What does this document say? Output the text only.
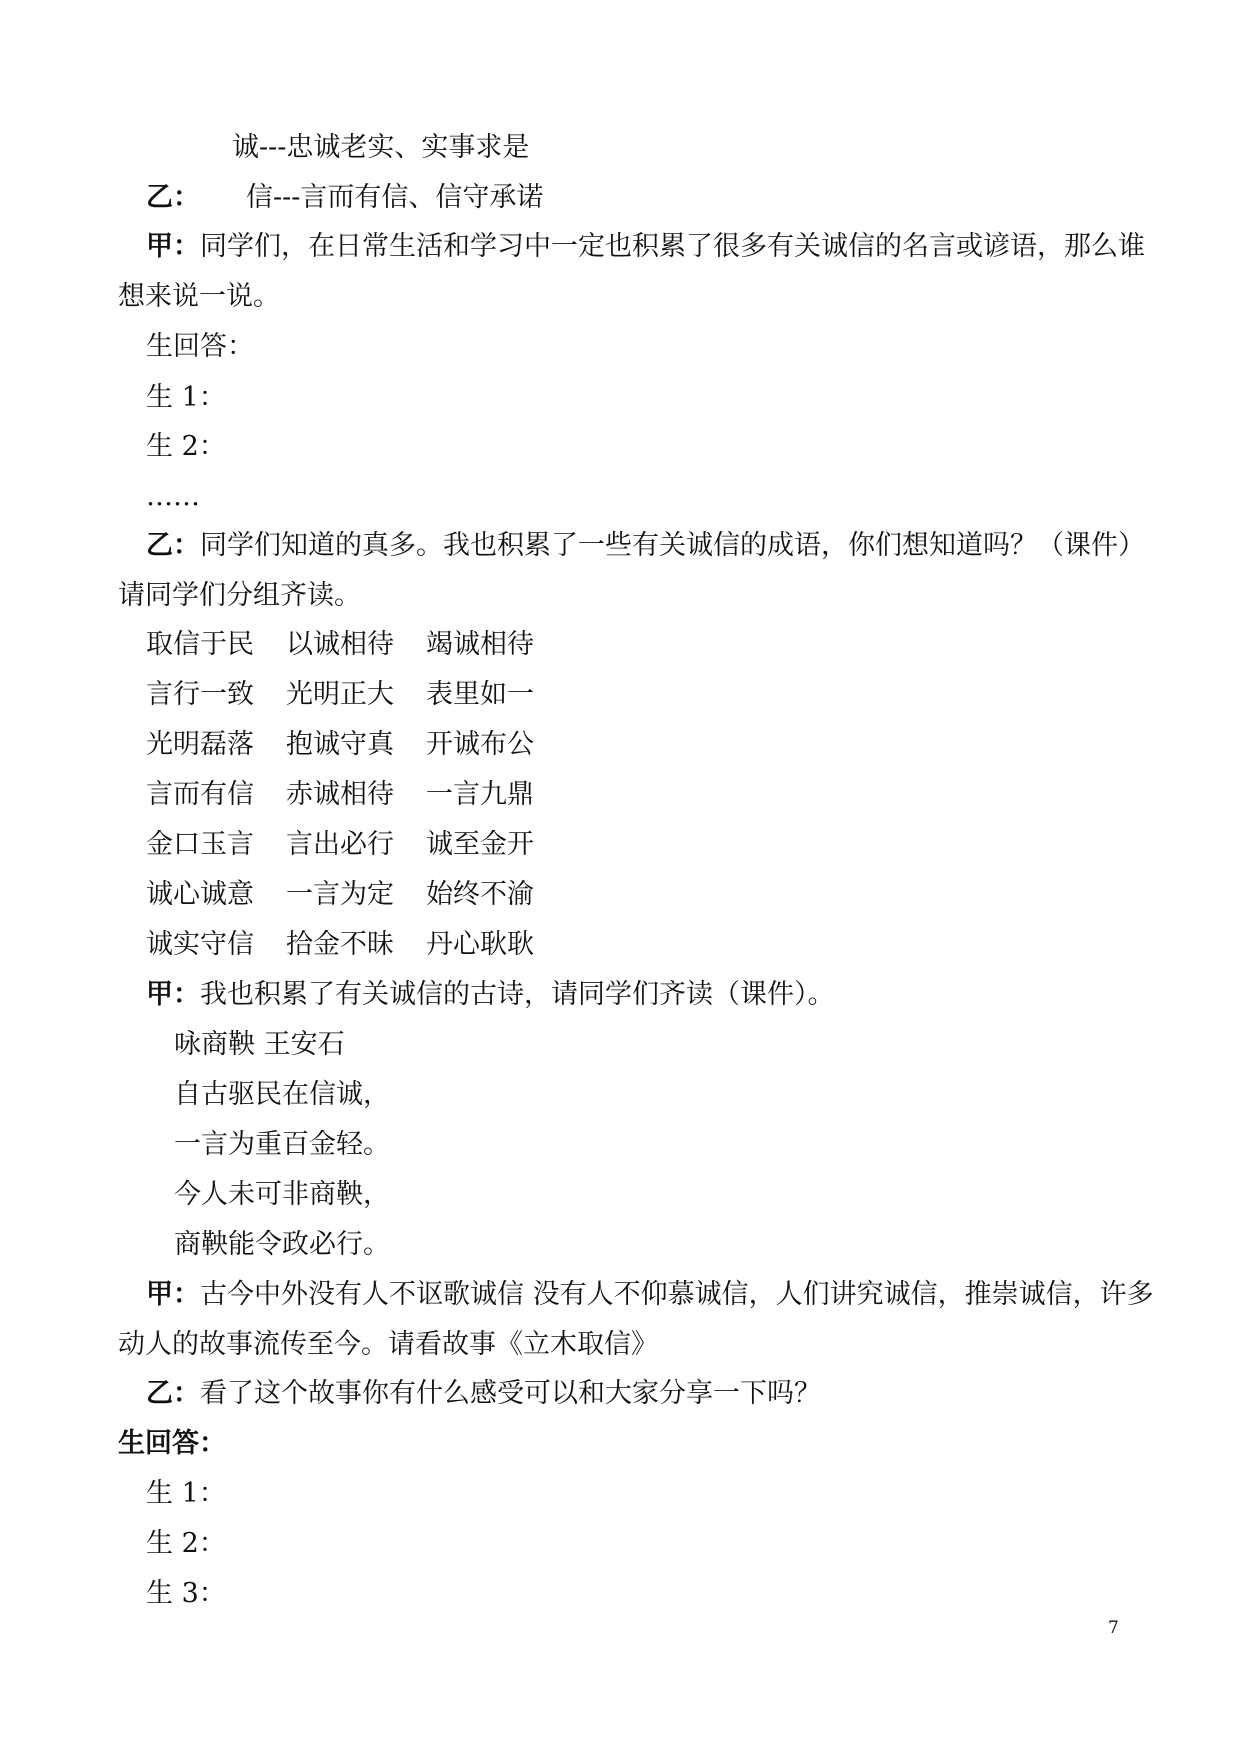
诚---忠诚老实、实事求是
乙： 信---言而有信、信守承诺
甲：同学们，在日常生活和学习中一定也积累了很多有关诚信的名言或谚语，那么谁想来说一说。
生回答：
生 1：
生 2：
……
乙：同学们知道的真多。我也积累了一些有关诚信的成语，你们想知道吗？（课件）请同学们分组齐读。
取信于民 以诚相待 竭诚相待
言行一致 光明正大 表里如一
光明磊落 抱诚守真 开诚布公
言而有信 赤诚相待 一言九鼎
金口玉言 言出必行 诚至金开
诚心诚意 一言为定 始终不渝
诚实守信 拾金不昧 丹心耿耿
甲：我也积累了有关诚信的古诗，请同学们齐读（课件）。
咏商鞅 王安石
自古驱民在信诚，
一言为重百金轻。
今人未可非商鞅，
商鞅能令政必行。
甲：古今中外没有人不讴歌诚信 没有人不仰慕诚信，人们讲究诚信，推崇诚信，许多动人的故事流传至今。请看故事《立木取信》
乙：看了这个故事你有什么感受可以和大家分享一下吗？
生回答：
生 1：
生 2：
生 3：
7
